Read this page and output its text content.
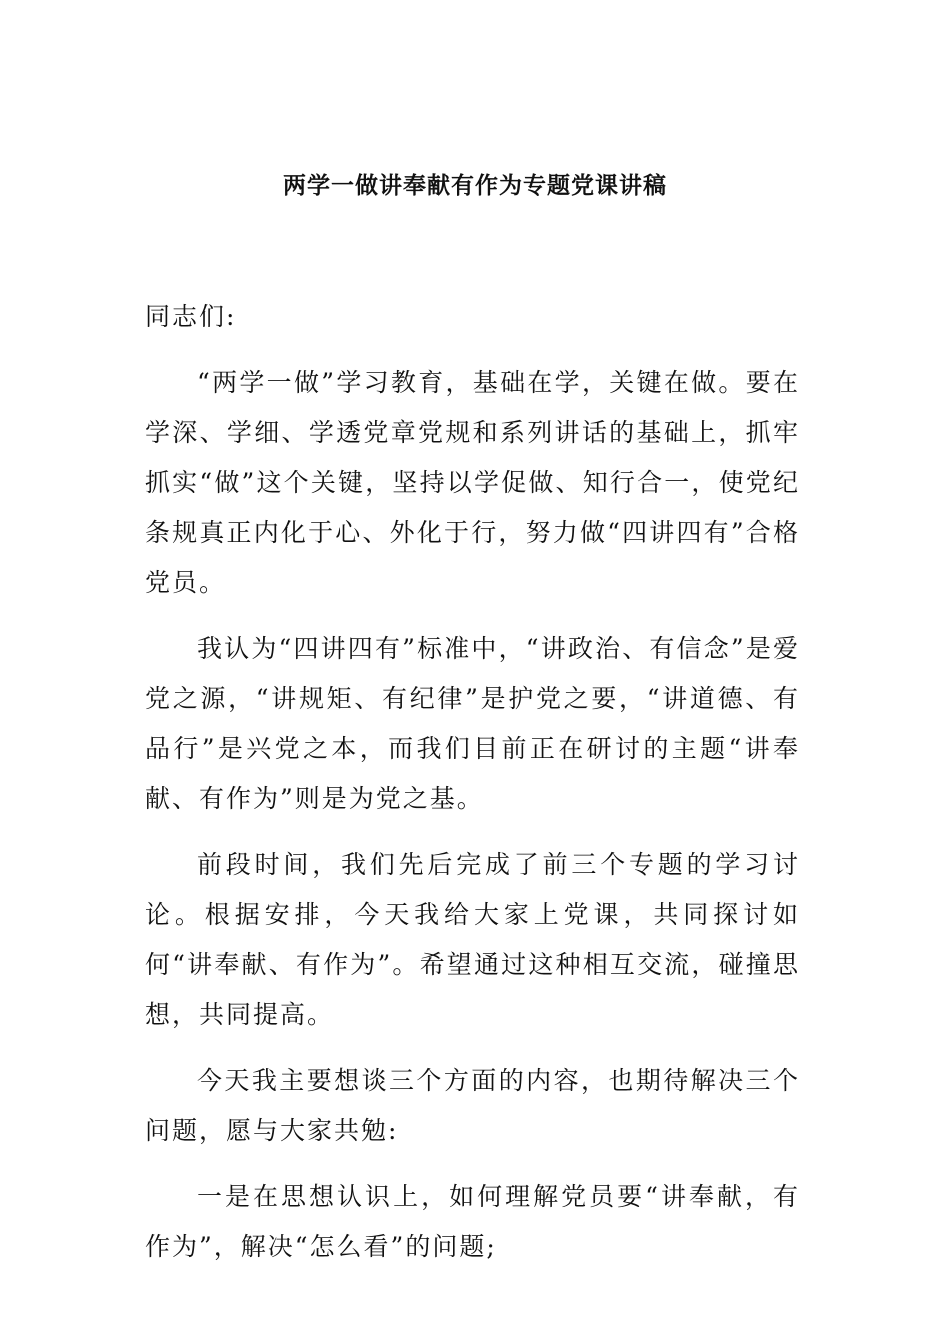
两学一做讲奉献有作为专题党课讲稿

同志们:

“两学一做”学习教育，基础在学，关键在做。要在学深、学细、学透党章党规和系列讲话的基础上，抓牢抓实“做”这个关键，坚持以学促做、知行合一，使党纪条规真正内化于心、外化于行，努力做“四讲四有”合格党员。

我认为“四讲四有”标准中，“讲政治、有信念”是爱党之源，“讲规矩、有纪律”是护党之要，“讲道德、有品行”是兴党之本，而我们目前正在研讨的主题“讲奉献、有作为”则是为党之基。

前段时间，我们先后完成了前三个专题的学习讨论。根据安排，今天我给大家上党课，共同探讨如何“讲奉献、有作为”。希望通过这种相互交流，碰撞思想，共同提高。

今天我主要想谈三个方面的内容，也期待解决三个问题，愿与大家共勉:

一是在思想认识上，如何理解党员要“讲奉献，有作为”，解决“怎么看”的问题;
